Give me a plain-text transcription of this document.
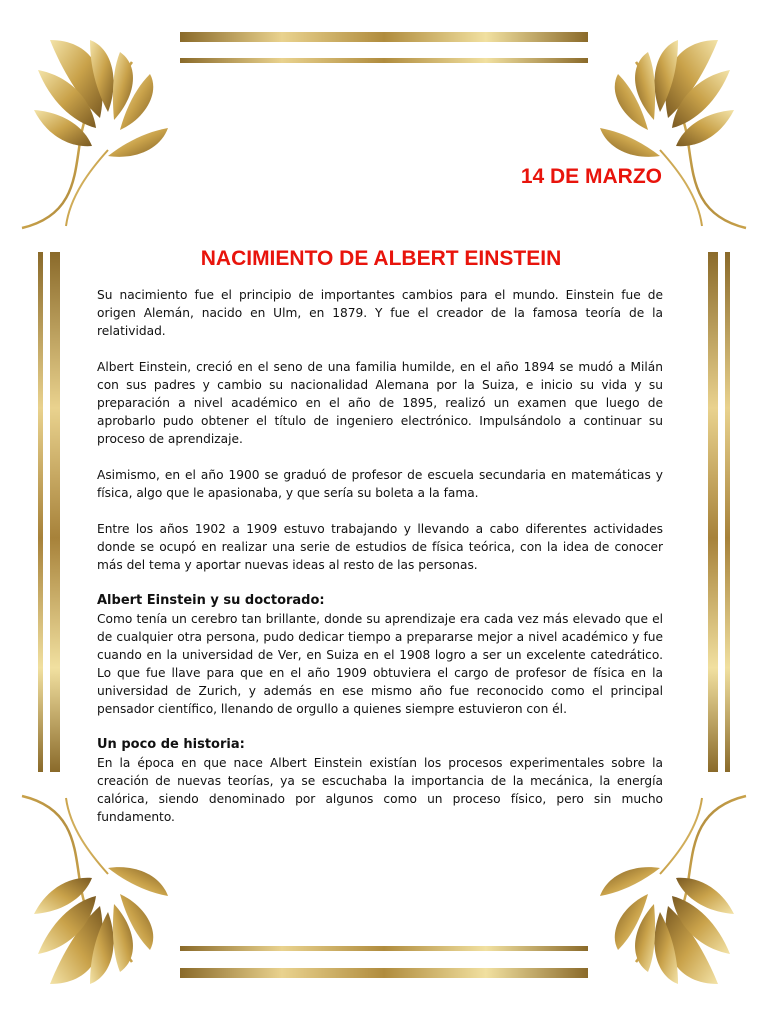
14 DE MARZO
NACIMIENTO DE ALBERT EINSTEIN

Su nacimiento fue el principio de importantes cambios para el mundo. Einstein fue de origen Alemán, nacido en Ulm, en 1879. Y fue el creador de la famosa teoría de la relatividad.

Albert Einstein, creció en el seno de una familia humilde, en el año 1894 se mudó a Milán con sus padres y cambio su nacionalidad Alemana por la Suiza, e inicio su vida y su preparación a nivel académico en el año de 1895, realizó un examen que luego de aprobarlo pudo obtener el título de ingeniero electrónico. Impulsándolo a continuar su proceso de aprendizaje.

Asimismo, en el año 1900 se graduó de profesor de escuela secundaria en matemáticas y física, algo que le apasionaba, y que sería su boleta a la fama.

Entre los años 1902 a 1909 estuvo trabajando y llevando a cabo diferentes actividades donde se ocupó en realizar una serie de estudios de física teórica, con la idea de conocer más del tema y aportar nuevas ideas al resto de las personas.

Albert Einstein y su doctorado:

Como tenía un cerebro tan brillante, donde su aprendizaje era cada vez más elevado que el de cualquier otra persona, pudo dedicar tiempo a prepararse mejor a nivel académico y fue cuando en la universidad de Ver, en Suiza en el 1908 logro a ser un excelente catedrático. Lo que fue llave para que en el año 1909 obtuviera el cargo de profesor de física en la universidad de Zurich, y además en ese mismo año fue reconocido como el principal pensador científico, llenando de orgullo a quienes siempre estuvieron con él.

Un poco de historia:

En la época en que nace Albert Einstein existían los procesos experimentales sobre la creación de nuevas teorías, ya se escuchaba la importancia de la mecánica, la energía calórica, siendo denominado por algunos como un proceso físico, pero sin mucho fundamento.
